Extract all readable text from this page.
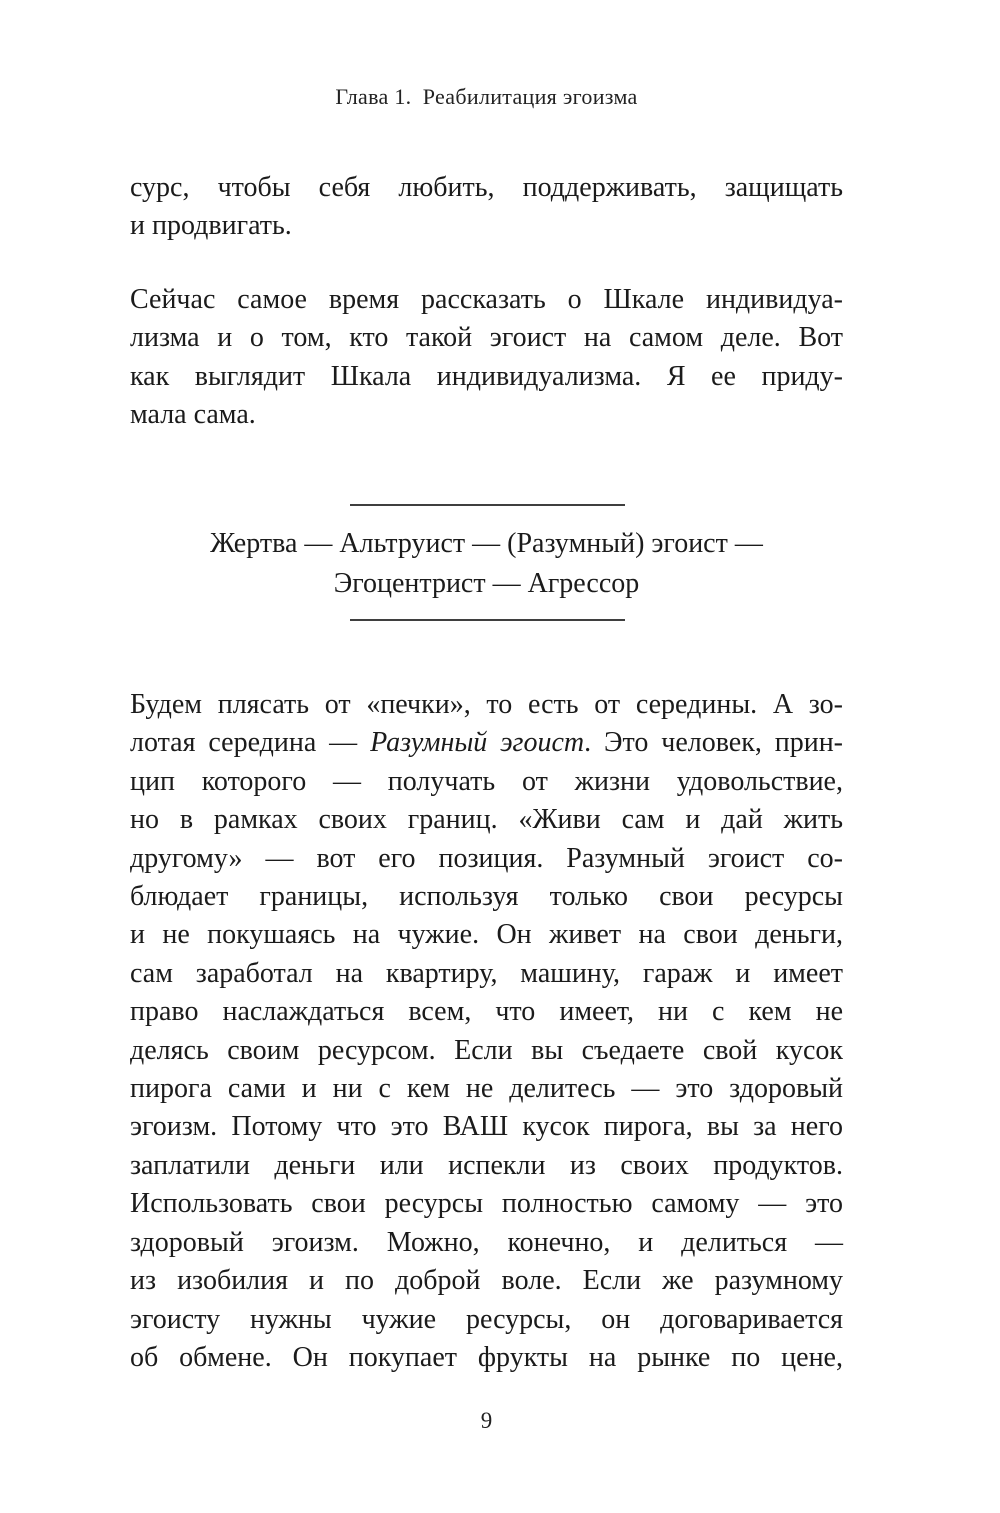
Глава 1. Реабилитация эгоизма
сурс, чтобы себя любить, поддерживать, защищать
и продвигать.
Сейчас самое время рассказать о Шкале индивидуа-
лизма и о том, кто такой эгоист на самом деле. Вот
как выглядит Шкала индивидуализма. Я ее приду-
мала сама.
Жертва — Альтруист — (Разумный) эгоист —
Эгоцентрист — Агрессор
Будем плясать от «печки», то есть от середины. А зо-
лотая середина — Разумный эгоист. Это человек, прин-
цип которого — получать от жизни удовольствие,
но в рамках своих границ. «Живи сам и дай жить
другому» — вот его позиция. Разумный эгоист со-
блюдает границы, используя только свои ресурсы
и не покушаясь на чужие. Он живет на свои деньги,
сам заработал на квартиру, машину, гараж и имеет
право наслаждаться всем, что имеет, ни с кем не
делясь своим ресурсом. Если вы съедаете свой кусок
пирога сами и ни с кем не делитесь — это здоровый
эгоизм. Потому что это ВАШ кусок пирога, вы за него
заплатили деньги или испекли из своих продуктов.
Использовать свои ресурсы полностью самому — это
здоровый эгоизм. Можно, конечно, и делиться —
из изобилия и по доброй воле. Если же разумному
эгоисту нужны чужие ресурсы, он договаривается
об обмене. Он покупает фрукты на рынке по цене,
9
